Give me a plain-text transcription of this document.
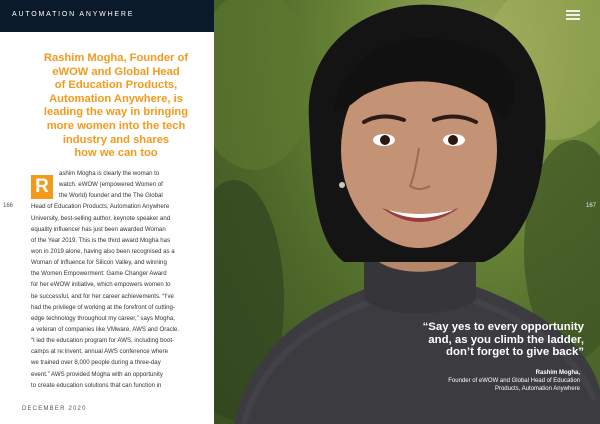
AUTOMATION ANYWHERE
Rashim Mogha, Founder of
eWOW and Global Head
of Education Products,
Automation Anywhere, is
leading the way in bringing
more women into the tech
industry and shares
how we can too
R
ashim Mogha is clearly the woman to
watch. eWOW (empowered Women of
the World) founder and the The Global
Head of Education Products, Automation Anywhere
University, best-selling author, keynote speaker and
equality influencer has just been awarded Woman
of the Year 2019. This is the third award Mogha has
won in 2019 alone, having also been recognised as a
Woman of Influence for Silicon Valley, and winning
the Women Empowerment: Game Changer Award
for her eWOW initiative, which empowers women to
be successful, and for her career achievements. “I’ve
had the privilege of working at the forefront of cutting-
edge technology throughout my career,” says Mogha,
a veteran of companies like VMware, AWS and Oracle.
“I led the education program for AWS, including boot-
camps at re:Invent, annual AWS conference where
we trained over 8,000 people during a three-day
event.” AWS provided Mogha with an opportunity
to create education solutions that can function in
166
DECEMBER 2020
167
“Say yes to every opportunity
and, as you climb the ladder,
don’t forget to give back”
Rashim Mogha,
Founder of eWOW and Global Head of Education
Products, Automation Anywhere
